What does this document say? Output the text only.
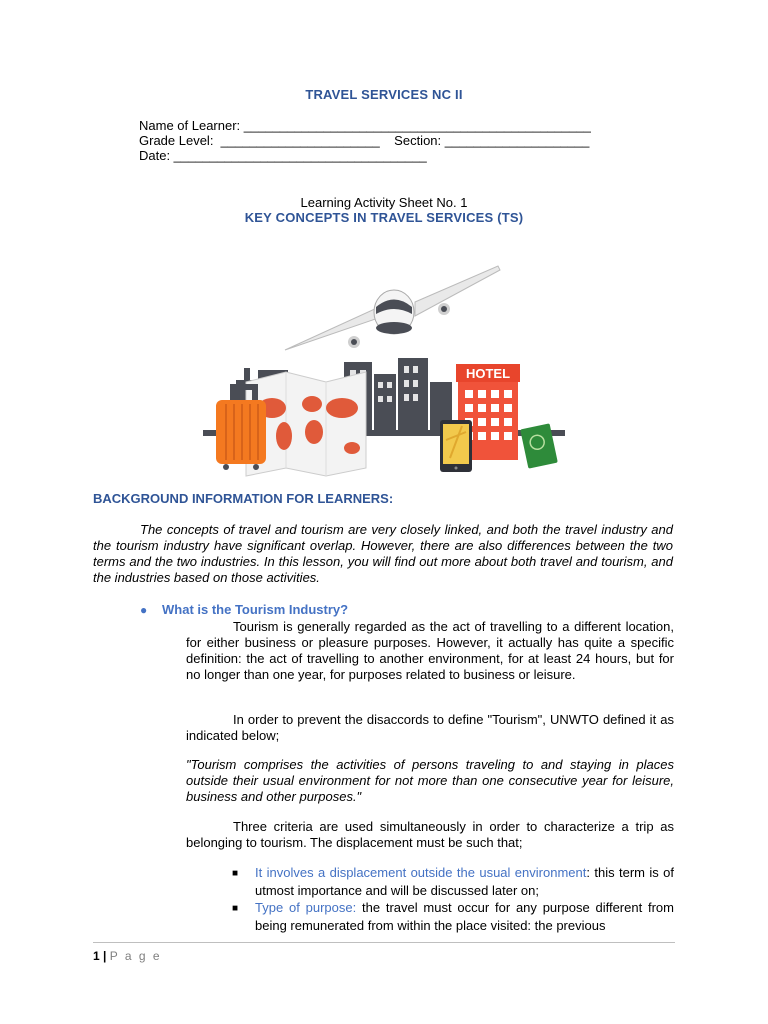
TRAVEL SERVICES NC II
Name of Learner: ________________________________________________
Grade Level:  ______________________    Section: ____________________
Date: ___________________________________
Learning Activity Sheet No. 1
KEY CONCEPTS IN TRAVEL SERVICES (TS)
HOTEL
BACKGROUND INFORMATION FOR LEARNERS:
The concepts of travel and tourism are very closely linked, and both the travel industry and the tourism industry have significant overlap. However, there are also differences between the two terms and the two industries. In this lesson, you will find out more about both travel and tourism, and the industries based on those activities.
● What is the Tourism Industry?
Tourism is generally regarded as the act of travelling to a different location, for either business or pleasure purposes. However, it actually has quite a specific definition: the act of travelling to another environment, for at least 24 hours, but for no longer than one year, for purposes related to business or leisure.
In order to prevent the disaccords to define "Tourism", UNWTO defined it as indicated below;
"Tourism comprises the activities of persons traveling to and staying in places outside their usual environment for not more than one consecutive year for leisure, business and other purposes."
Three criteria are used simultaneously in order to characterize a trip as belonging to tourism. The displacement must be such that;
■ It involves a displacement outside the usual environment: this term is of utmost importance and will be discussed later on;
■ Type of purpose: the travel must occur for any purpose different from being remunerated from within the place visited: the previous
1 | P a g e
